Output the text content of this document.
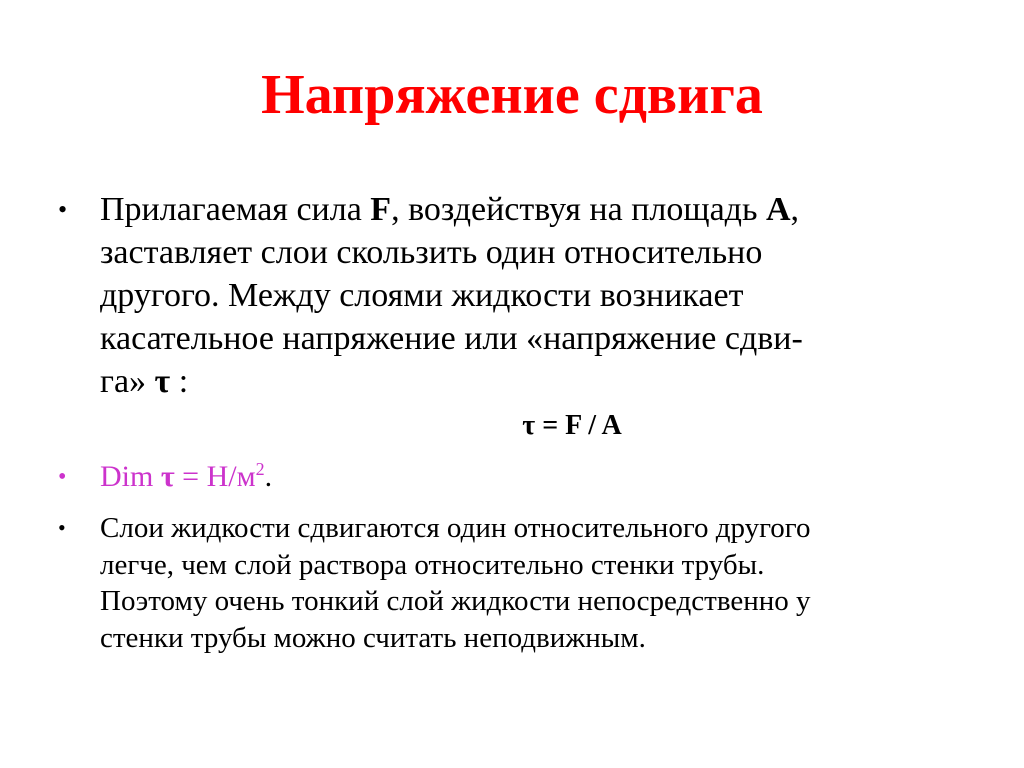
Напряжение сдвига
• Прилагаемая сила F, воздействуя на площадь A,
заставляет слои скользить один относительно
другого. Между слоями жидкости возникает
касательное напряжение или «напряжение сдви-
га» τ :
τ = F / A
• Dim $\tau = Н/м^2$.
• Слои жидкости сдвигаются один относительного другого
легче, чем слой раствора относительно стенки трубы.
Поэтому очень тонкий слой жидкости непосредственно у
стенки трубы можно считать неподвижным.
